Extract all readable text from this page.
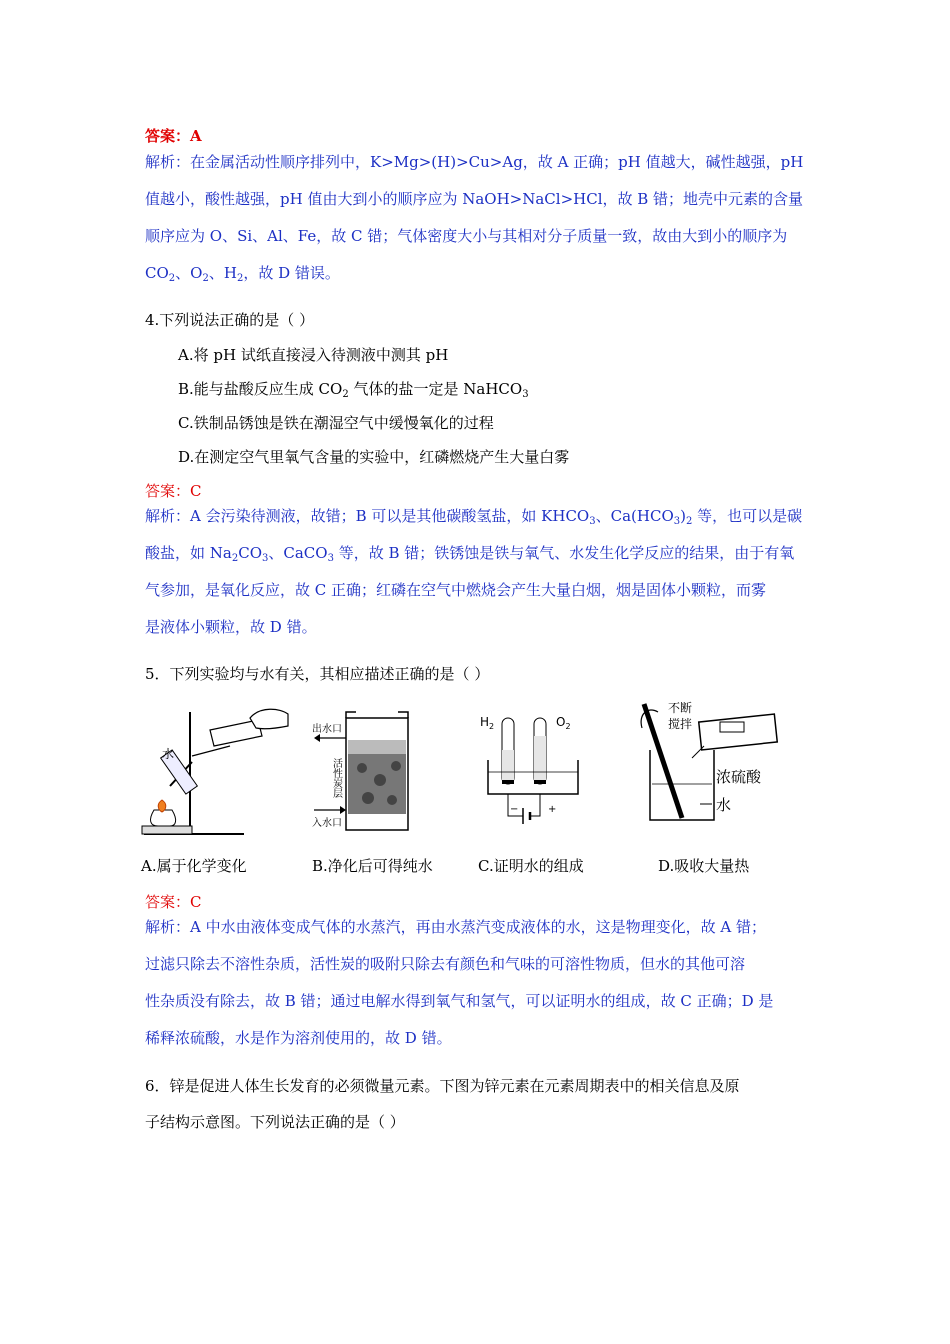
答案：A
解析：在金属活动性顺序排列中，K>Mg>(H)>Cu>Ag，故 A 正确；pH 值越大，碱性越强，pH
值越小，酸性越强，pH 值由大到小的顺序应为 NaOH>NaCl>HCl，故 B 错；地壳中元素的含量
顺序应为 O、Si、Al、Fe，故 C 错；气体密度大小与其相对分子质量一致，故由大到小的顺序为
$CO_2$、$O_2$、$H_2$，故 D 错误。
4.下列说法正确的是（ ）
A.将 pH 试纸直接浸入待测液中测其 pH
B.能与盐酸反应生成 $CO_2$ 气体的盐一定是 NaHCO$_3$
C.铁制品锈蚀是铁在潮湿空气中缓慢氧化的过程
D.在测定空气里氧气含量的实验中，红磷燃烧产生大量白雾
答案：C
解析：A 会污染待测液，故错；B 可以是其他碳酸氢盐，如 $KHCO_3$、$Ca(HCO_3)_2$ 等，也可以是碳
酸盐，如 $Na_2CO_3$、CaCO$_3$ 等，故 B 错；铁锈蚀是铁与氧气、水发生化学反应的结果，由于有氧
气参加，是氧化反应，故 C 正确；红磷在空气中燃烧会产生大量白烟，烟是固体小颗粒，而雾
是液体小颗粒，故 D 错。
5．下列实验均与水有关，其相应描述正确的是（ ）
水
出水口
入水口
活性炭层
$H_2$	$O_2$
−	+
不断
搅拌
浓硫酸
水
A.属于化学变化	B.净化后可得纯水	C.证明水的组成	D.吸收大量热
答案：C
解析：A 中水由液体变成气体的水蒸汽，再由水蒸汽变成液体的水，这是物理变化，故 A 错；
过滤只除去不溶性杂质，活性炭的吸附只除去有颜色和气味的可溶性物质，但水的其他可溶
性杂质没有除去，故 B 错；通过电解水得到氧气和氢气，可以证明水的组成，故 C 正确；D 是
稀释浓硫酸，水是作为溶剂使用的，故 D 错。
6．锌是促进人体生长发育的必须微量元素。下图为锌元素在元素周期表中的相关信息及原
子结构示意图。下列说法正确的是（ ）
